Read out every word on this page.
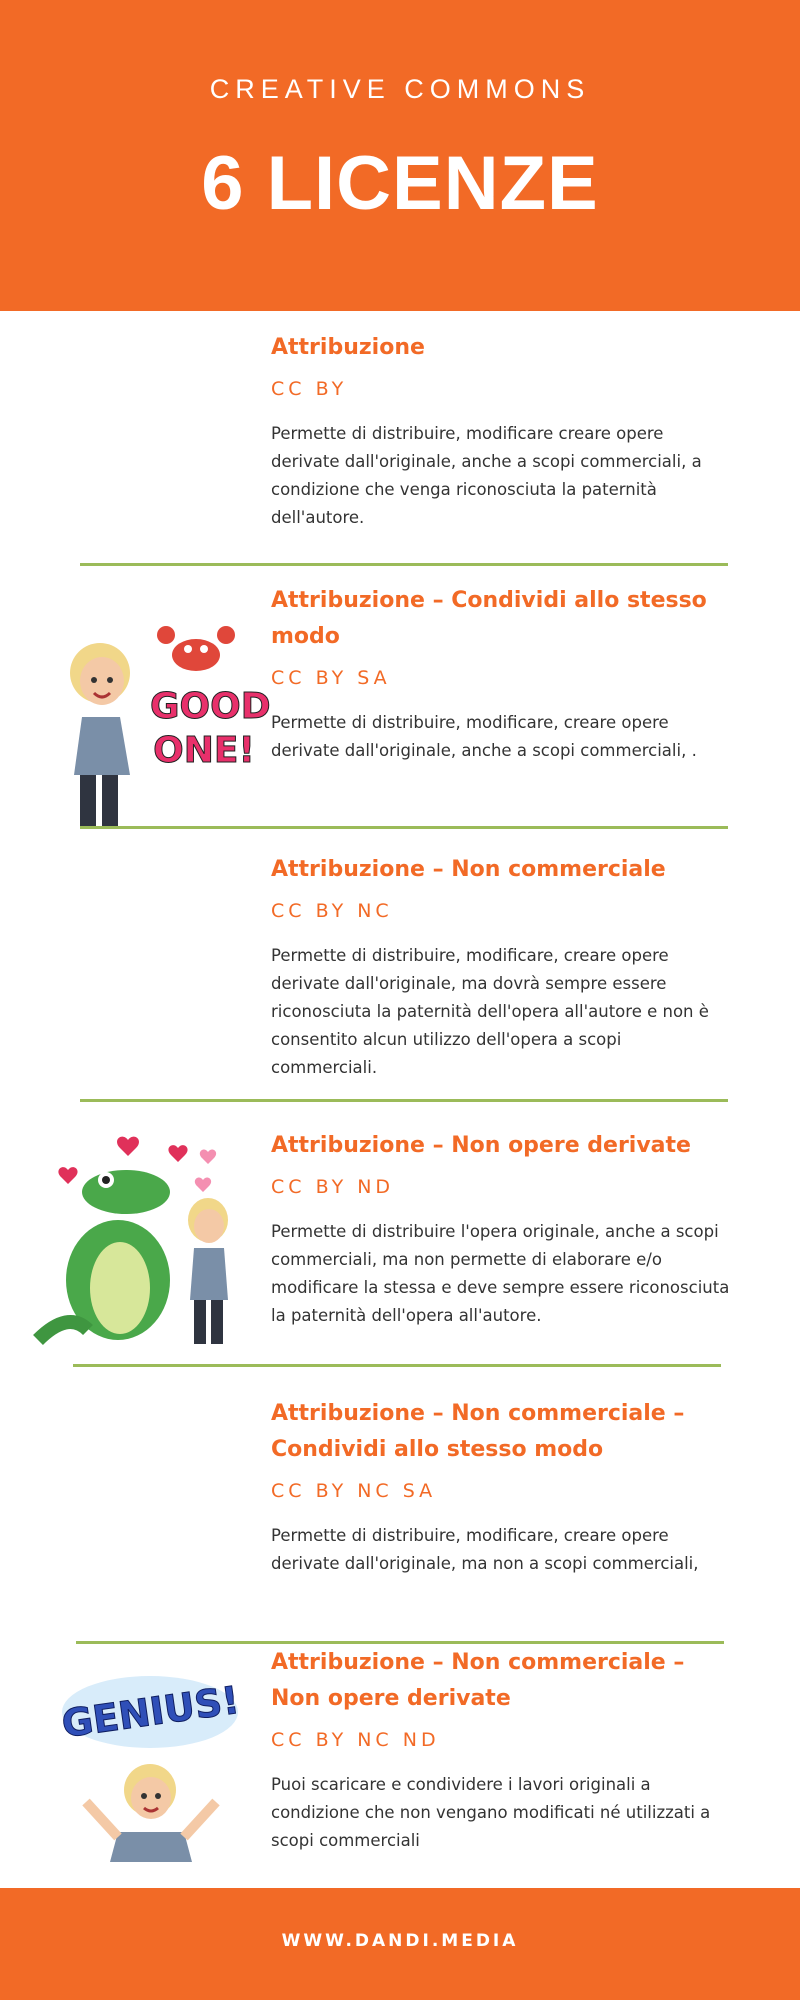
CREATIVE COMMONS
6 LICENZE
Attribuzione
CC BY

Permette di distribuire, modificare creare opere derivate dall'originale, anche a scopi commerciali, a condizione che venga riconosciuta la paternità dell'autore.

GOOD ONE!
Attribuzione – Condividi allo stesso modo
CC BY SA

Permette di distribuire, modificare, creare opere derivate dall'originale, anche a scopi commerciali, .

Attribuzione – Non commerciale
CC BY NC

Permette di distribuire, modificare, creare opere derivate dall'originale, ma dovrà sempre essere riconosciuta la paternità dell'opera all'autore e non è consentito alcun utilizzo dell'opera a scopi commerciali.

Attribuzione – Non opere derivate
CC BY ND

Permette di distribuire l'opera originale, anche a scopi commerciali, ma non permette di elaborare e/o modificare la stessa e deve sempre essere riconosciuta la paternità dell'opera all'autore.

Attribuzione – Non commerciale – Condividi allo stesso modo
CC BY NC SA

Permette di distribuire, modificare, creare opere derivate dall'originale, ma non a scopi commerciali,

GENIUS!
Attribuzione – Non commerciale – Non opere derivate
CC BY NC ND

Puoi scaricare e condividere i lavori originali a condizione che non vengano modificati né utilizzati a scopi commerciali

WWW.DANDI.MEDIA
